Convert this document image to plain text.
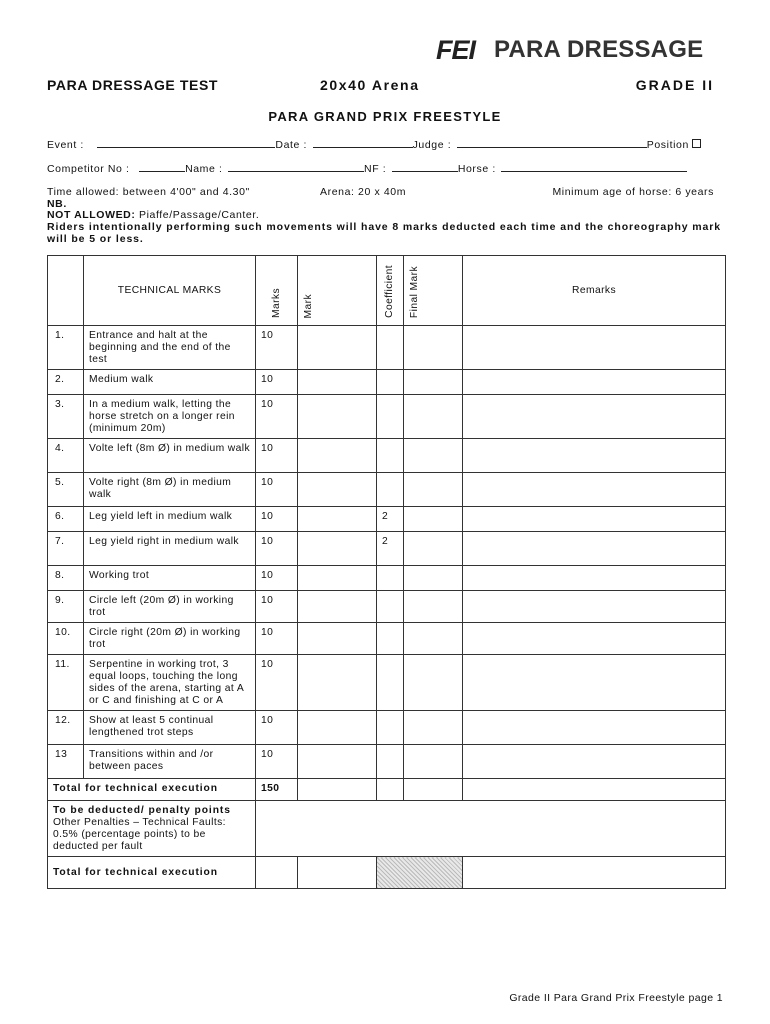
FEI PARA DRESSAGE
PARA DRESSAGE TEST	20x40 Arena	GRADE II
PARA GRAND PRIX FREESTYLE
Event :	Date :	Judge :	Position
Competitor No :	Name :	NF :	Horse :
Time allowed: between 4'00" and 4.30"	Arena: 20 x 40m	Minimum age of horse: 6 years
NB.
NOT ALLOWED: Piaffe/Passage/Canter.
Riders intentionally performing such movements will have 8 marks deducted each time and the choreography mark will be 5 or less.
	TECHNICAL MARKS	Marks	Mark	Coefficient	Final Mark	Remarks
1.	Entrance and halt at the beginning and the end of the test	10				
2.	Medium walk	10				
3.	In a medium walk, letting the horse stretch on a longer rein (minimum 20m)	10				
4.	Volte left (8m Ø) in medium walk	10				
5.	Volte right (8m Ø) in medium walk	10				
6.	Leg yield left in medium walk	10		2		
7.	Leg yield right in medium walk	10		2		
8.	Working trot	10				
9.	Circle left (20m Ø) in working trot	10				
10.	Circle right (20m Ø) in working trot	10				
11.	Serpentine in working trot, 3 equal loops, touching the long sides of the arena, starting at A or C and finishing at C or A	10				
12.	Show at least 5 continual lengthened trot steps	10				
13	Transitions within and /or between paces	10				
Total for technical execution		150				

To be deducted/ penalty points
Other Penalties – Technical Faults: 0.5% (percentage points) to be deducted per fault						

Total for technical execution						
Grade II Para Grand Prix Freestyle page 1
